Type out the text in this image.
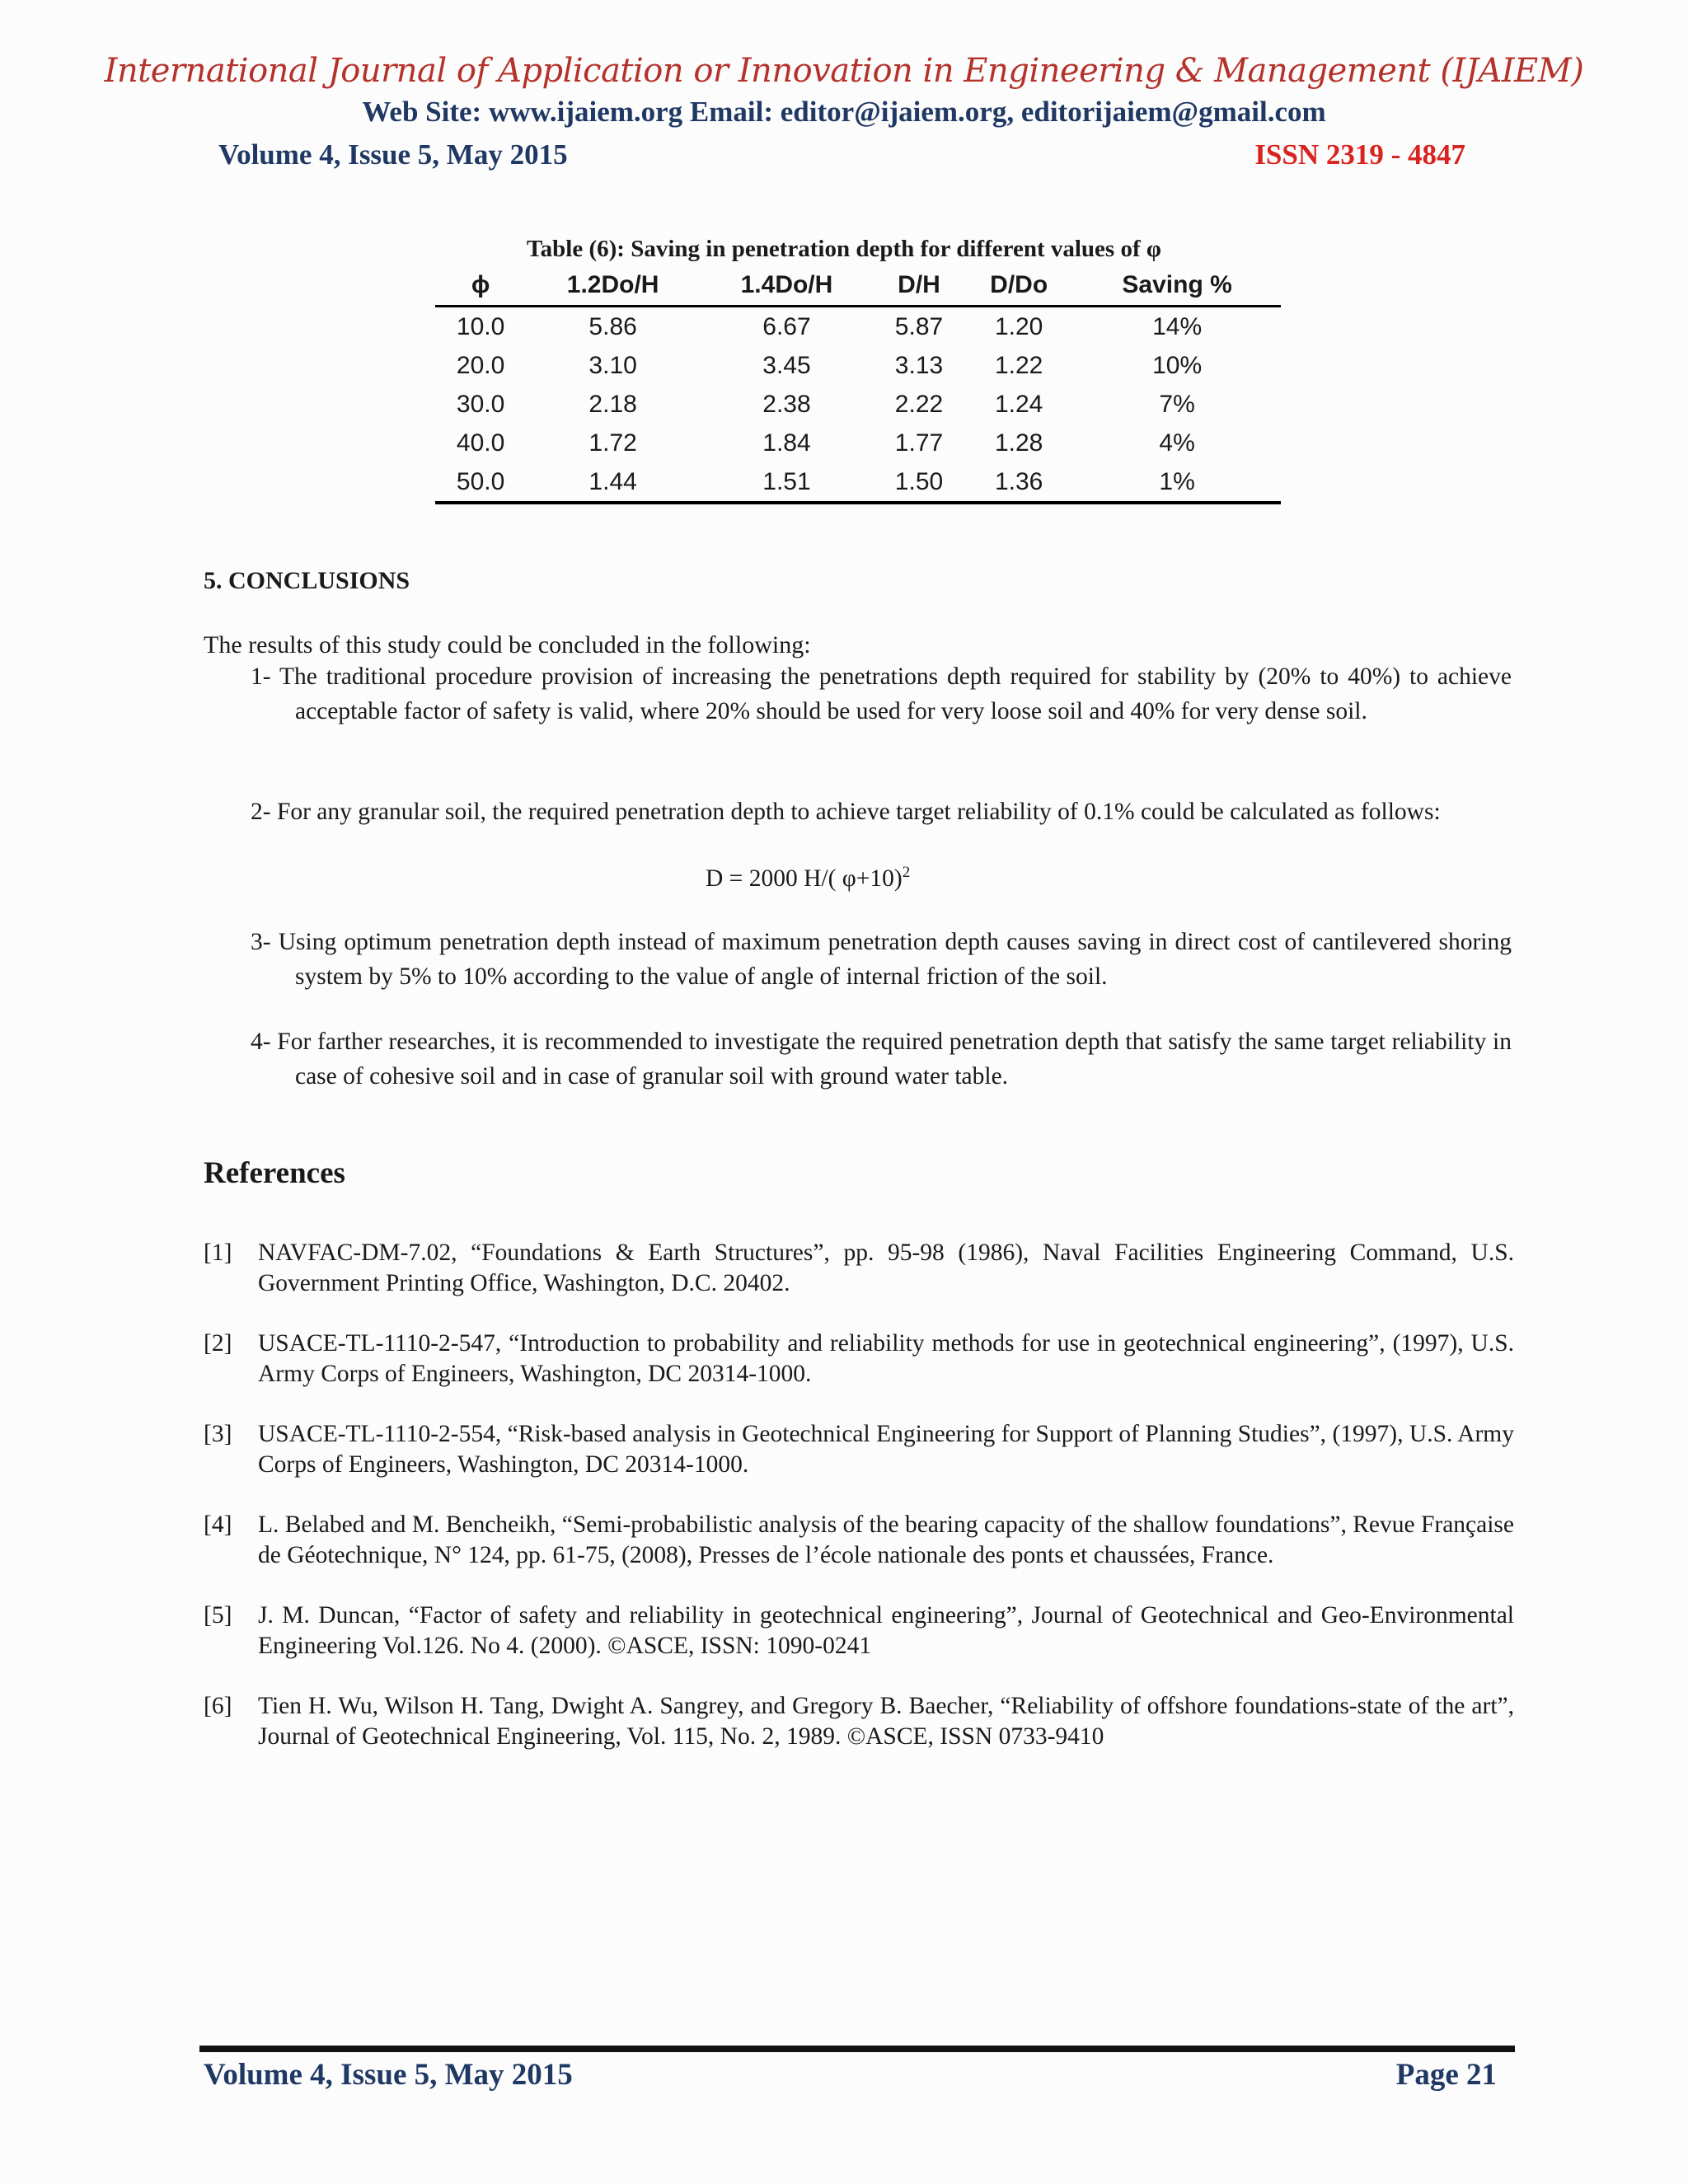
International Journal of Application or Innovation in Engineering & Management (IJAIEM)
Web Site: www.ijaiem.org Email: editor@ijaiem.org, editorijaiem@gmail.com
Volume 4, Issue 5, May 2015	ISSN 2319 - 4847
Table (6): Saving in penetration depth for different values of φ
ϕ	1.2Do/H	1.4Do/H	D/H	D/Do	Saving %
10.0	5.86	6.67	5.87	1.20	14%
20.0	3.10	3.45	3.13	1.22	10%
30.0	2.18	2.38	2.22	1.24	7%
40.0	1.72	1.84	1.77	1.28	4%
50.0	1.44	1.51	1.50	1.36	1%
5. CONCLUSIONS
The results of this study could be concluded in the following:
1- The traditional procedure provision of increasing the penetrations depth required for stability by (20% to 40%) to achieve acceptable factor of safety is valid, where 20% should be used for very loose soil and 40% for very dense soil.
2- For any granular soil, the required penetration depth to achieve target reliability of 0.1% could be calculated as follows:
D = 2000 H/( φ+10)$^2$
3- Using optimum penetration depth instead of maximum penetration depth causes saving in direct cost of cantilevered shoring system by 5% to 10% according to the value of angle of internal friction of the soil.
4- For farther researches, it is recommended to investigate the required penetration depth that satisfy the same target reliability in case of cohesive soil and in case of granular soil with ground water table.
References
[1] NAVFAC-DM-7.02, “Foundations & Earth Structures”, pp. 95-98 (1986), Naval Facilities Engineering Command, U.S. Government Printing Office, Washington, D.C. 20402.
[2] USACE-TL-1110-2-547, “Introduction to probability and reliability methods for use in geotechnical engineering”, (1997), U.S. Army Corps of Engineers, Washington, DC 20314-1000.
[3] USACE-TL-1110-2-554, “Risk-based analysis in Geotechnical Engineering for Support of Planning Studies”, (1997), U.S. Army Corps of Engineers, Washington, DC 20314-1000.
[4] L. Belabed and M. Bencheikh, “Semi-probabilistic analysis of the bearing capacity of the shallow foundations”, Revue Française de Géotechnique, N° 124, pp. 61-75, (2008), Presses de l’école nationale des ponts et chaussées, France.
[5] J. M. Duncan, “Factor of safety and reliability in geotechnical engineering”, Journal of Geotechnical and Geo-Environmental Engineering Vol.126. No 4. (2000). ©ASCE, ISSN: 1090-0241
[6] Tien H. Wu, Wilson H. Tang, Dwight A. Sangrey, and Gregory B. Baecher, “Reliability of offshore foundations-state of the art”, Journal of Geotechnical Engineering, Vol. 115, No. 2, 1989. ©ASCE, ISSN 0733-9410
Volume 4, Issue 5, May 2015	Page 21
